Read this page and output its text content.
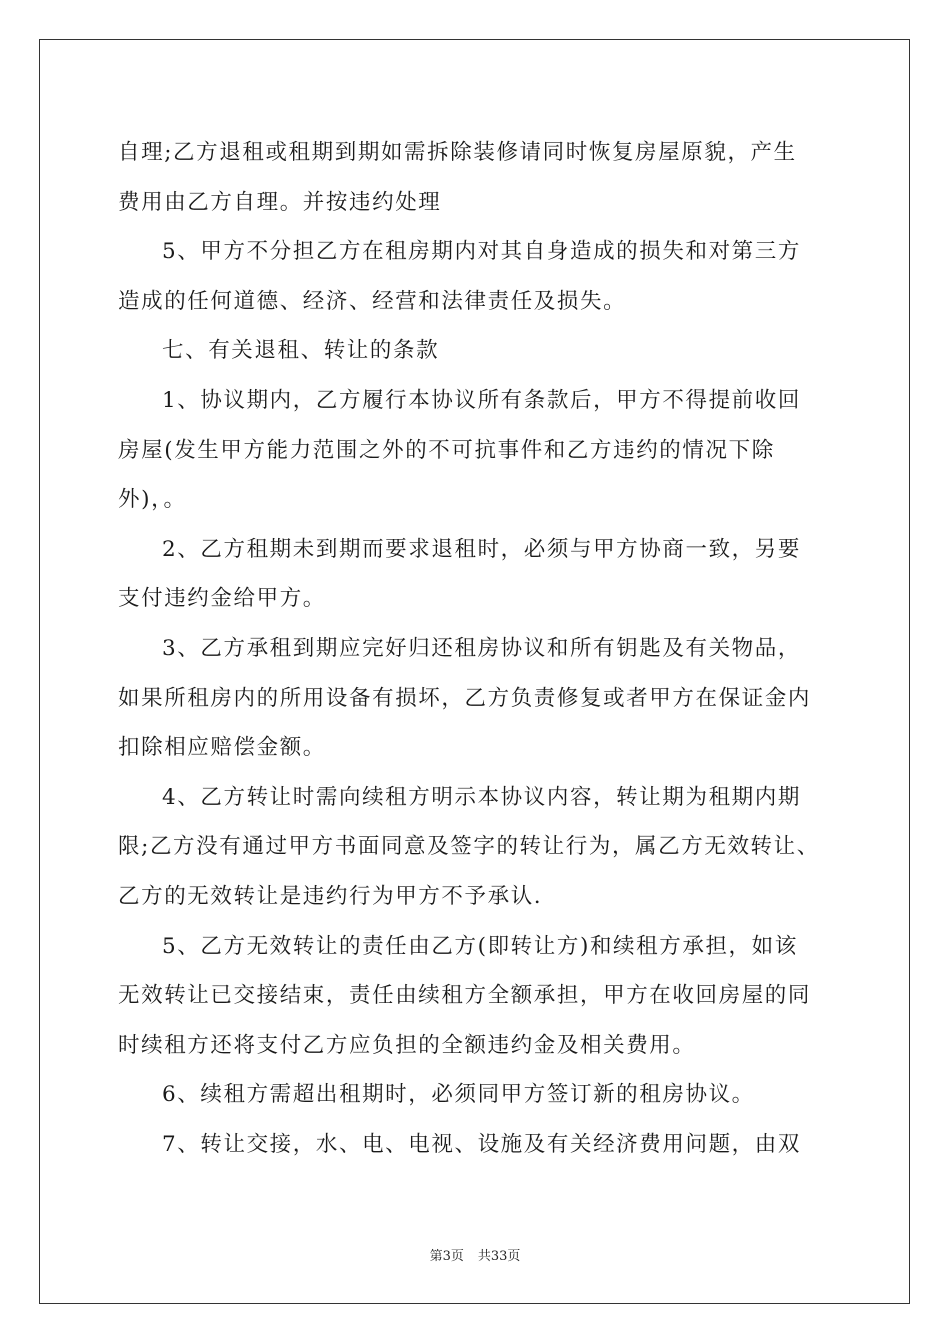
自理;乙方退租或租期到期如需拆除装修请同时恢复房屋原貌，产生
费用由乙方自理。并按违约处理
5、甲方不分担乙方在租房期内对其自身造成的损失和对第三方
造成的任何道德、经济、经营和法律责任及损失。
七、有关退租、转让的条款
1、协议期内，乙方履行本协议所有条款后，甲方不得提前收回
房屋(发生甲方能力范围之外的不可抗事件和乙方违约的情况下除
外)，。
2、乙方租期未到期而要求退租时，必须与甲方协商一致，另要
支付违约金给甲方。
3、乙方承租到期应完好归还租房协议和所有钥匙及有关物品，
如果所租房内的所用设备有损坏，乙方负责修复或者甲方在保证金内
扣除相应赔偿金额。
4、乙方转让时需向续租方明示本协议内容，转让期为租期内期
限;乙方没有通过甲方书面同意及签字的转让行为，属乙方无效转让、
乙方的无效转让是违约行为甲方不予承认.
5、乙方无效转让的责任由乙方(即转让方)和续租方承担，如该
无效转让已交接结束，责任由续租方全额承担，甲方在收回房屋的同
时续租方还将支付乙方应负担的全额违约金及相关费用。
6、续租方需超出租期时，必须同甲方签订新的租房协议。
7、转让交接，水、电、电视、设施及有关经济费用问题，由双
第3页 共33页
